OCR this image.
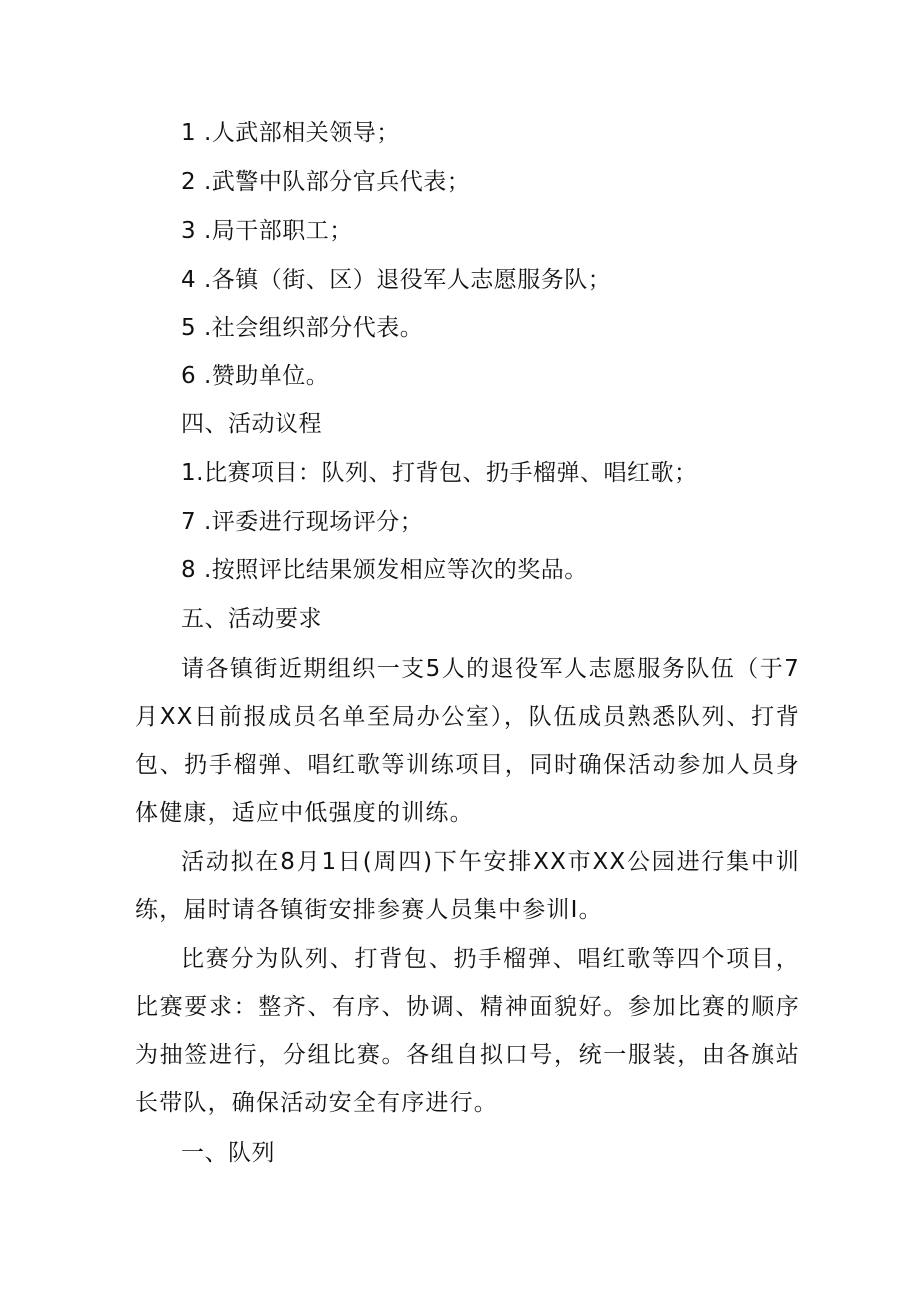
1 .人武部相关领导；
2 .武警中队部分官兵代表；
3 .局干部职工；
4 .各镇（街、区）退役军人志愿服务队；
5 .社会组织部分代表。
6 .赞助单位。
四、活动议程
1.比赛项目：队列、打背包、扔手榴弹、唱红歌；
7 .评委进行现场评分；
8 .按照评比结果颁发相应等次的奖品。
五、活动要求
请各镇街近期组织一支5人的退役军人志愿服务队伍（于7月XX日前报成员名单至局办公室），队伍成员熟悉队列、打背包、扔手榴弹、唱红歌等训练项目，同时确保活动参加人员身体健康，适应中低强度的训练。
活动拟在8月1日(周四)下午安排XX市XX公园进行集中训练，届时请各镇街安排参赛人员集中参训I。
比赛分为队列、打背包、扔手榴弹、唱红歌等四个项目，比赛要求：整齐、有序、协调、精神面貌好。参加比赛的顺序为抽签进行，分组比赛。各组自拟口号，统一服装，由各旗站长带队，确保活动安全有序进行。
一、队列
